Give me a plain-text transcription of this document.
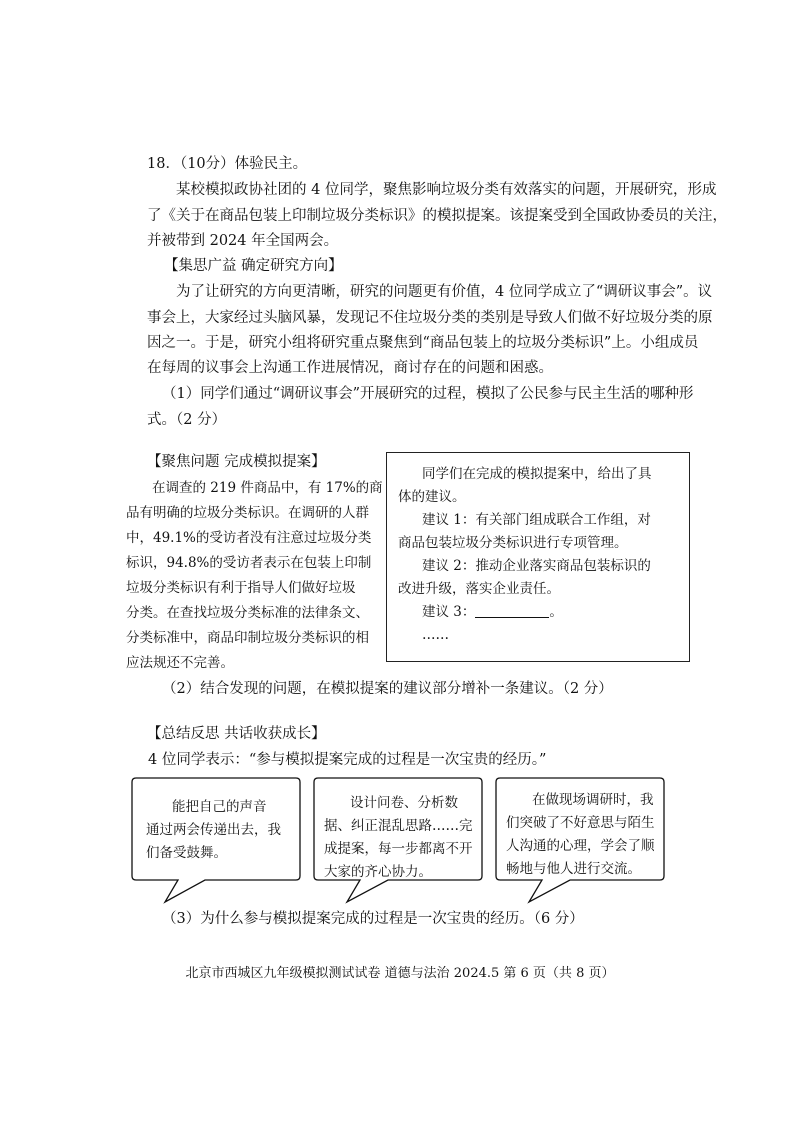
18．（10分）体验民主。
某校模拟政协社团的 4 位同学，聚焦影响垃圾分类有效落实的问题，开展研究，形成
了《关于在商品包装上印制垃圾分类标识》的模拟提案。该提案受到全国政协委员的关注，
并被带到 2024 年全国两会。
【集思广益 确定研究方向】
为了让研究的方向更清晰，研究的问题更有价值，4 位同学成立了“调研议事会”。议
事会上，大家经过头脑风暴，发现记不住垃圾分类的类别是导致人们做不好垃圾分类的原
因之一。于是，研究小组将研究重点聚焦到“商品包装上的垃圾分类标识”上。小组成员
在每周的议事会上沟通工作进展情况，商讨存在的问题和困惑。
（1）同学们通过“调研议事会”开展研究的过程，模拟了公民参与民主生活的哪种形
式。（2 分）
【聚焦问题 完成模拟提案】
在调查的 219 件商品中，有 17%的商
品有明确的垃圾分类标识。在调研的人群
中，49.1%的受访者没有注意过垃圾分类
标识，94.8%的受访者表示在包装上印制
垃圾分类标识有利于指导人们做好垃圾
分类。在查找垃圾分类标准的法律条文、
分类标准中，商品印制垃圾分类标识的相
应法规还不完善。
同学们在完成的模拟提案中，给出了具
体的建议。
建议 1：有关部门组成联合工作组，对
商品包装垃圾分类标识进行专项管理。
建议 2：推动企业落实商品包装标识的
改进升级，落实企业责任。
建议 3：	。
……
（2）结合发现的问题，在模拟提案的建议部分增补一条建议。（2 分）
【总结反思 共话收获成长】
4 位同学表示：“参与模拟提案完成的过程是一次宝贵的经历。”
能把自己的声音
通过两会传递出去，我
们备受鼓舞。
设计问卷、分析数
据、纠正混乱思路……完
成提案，每一步都离不开
大家的齐心协力。
在做现场调研时，我
们突破了不好意思与陌生
人沟通的心理，学会了顺
畅地与他人进行交流。
（3）为什么参与模拟提案完成的过程是一次宝贵的经历。（6 分）
北京市西城区九年级模拟测试试卷 道德与法治 2024.5 第 6 页（共 8 页）
